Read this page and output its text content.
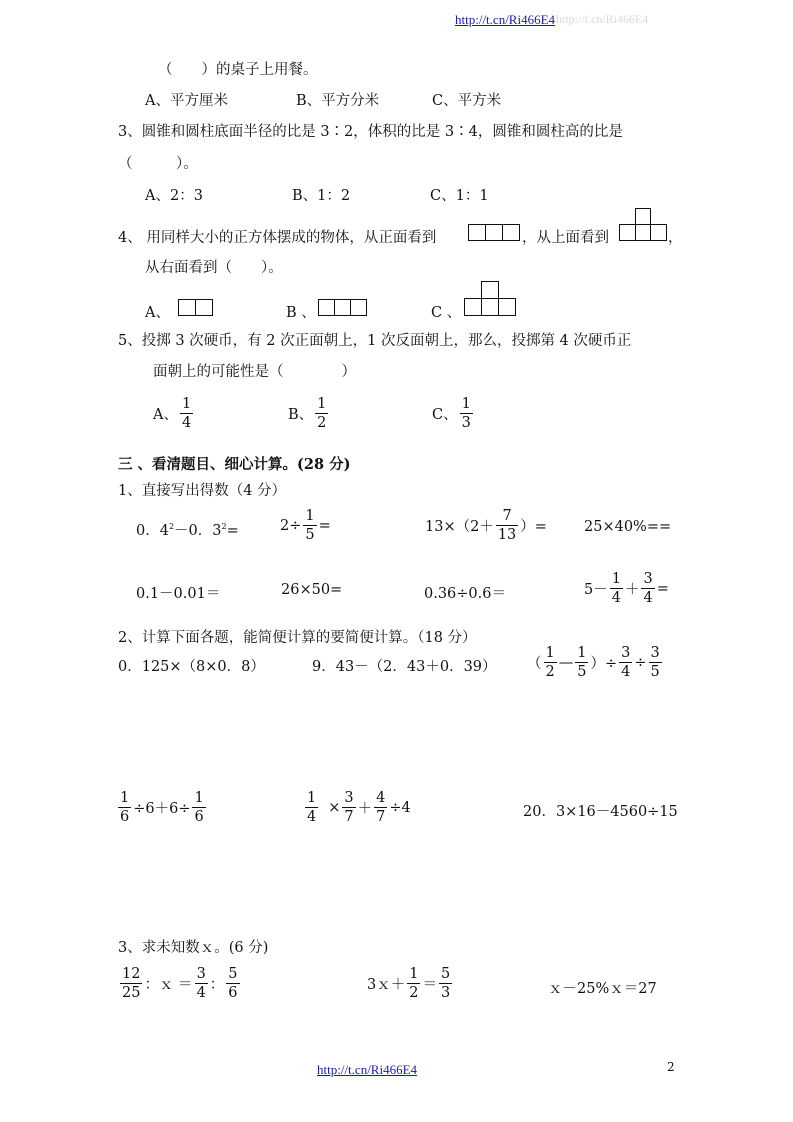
http://t.cn/Ri466E4 http://t.cn/Ri466E4
（　　）的桌子上用餐。
A、平方厘米	B、平方分米	C、平方米
3、圆锥和圆柱底面半径的比是 3∶2，体积的比是 3∶4，圆锥和圆柱高的比是
（　　　）。
A、2：3	B、1：2	C、1：1
4、 用同样大小的正方体摆成的物体，从正面看到	，从上面看到	，
从右面看到（　　）。
A、	B 、	C 、
5、投掷 3 次硬币，有 2 次正面朝上，1 次反面朝上，那么，投掷第 4 次硬币正
面朝上的可能性是（　　　　）
A、 $\frac{1}{4}$	B、 $\frac{1}{2}$	C、 $\frac{1}{3}$
三 、看清题目、细心计算。(28 分)
1、直接写出得数（4 分）
0．$4^2-0$．$3^2=$	$2\div \frac{1}{5}$ =	$13\times(2+ \frac{7}{13}$ ）=	25×40%==
0.1－0.01＝	26×50=	0.36÷0.6＝	$5- \frac{1}{4} + \frac{3}{4}$ =
2、计算下面各题，能简便计算的要简便计算。（18 分）
0．125×（8×0．8）	9．43－（2．43＋0．39） （ $\frac{1}{2}$ — $\frac{1}{5}$ ）÷ $\frac{3}{4} \div \frac{3}{5}$
$\frac{1}{6} \div 6+6\div \frac{1}{6}$	$\frac{1}{4} \times \frac{3}{7} + \frac{4}{7} \div 4$	20．3×16－4560÷15
3、求未知数ｘ。(6 分)
$\frac{12}{25}$ ：ｘ ＝ $\frac{3}{4}$ ： $\frac{5}{6}$	3ｘ＋ $\frac{1}{2} = \frac{5}{3}$	ｘ－25%ｘ＝27
http://t.cn/Ri466E4	2
